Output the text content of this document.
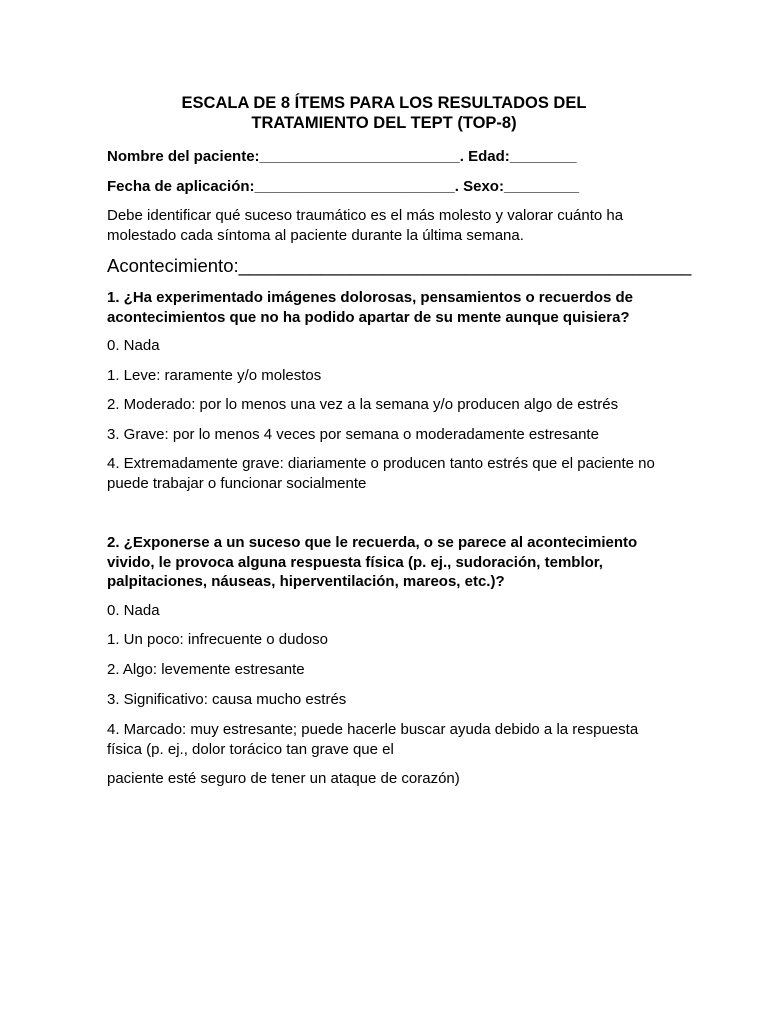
ESCALA DE 8 ÍTEMS PARA LOS RESULTADOS DEL
TRATAMIENTO DEL TEPT (TOP-8)

Nombre del paciente:________________________. Edad:________

Fecha de aplicación:________________________. Sexo:_________

Debe identificar qué suceso traumático es el más molesto y valorar cuánto ha molestado cada síntoma al paciente durante la última semana.

Acontecimiento:____________________________________________

1. ¿Ha experimentado imágenes dolorosas, pensamientos o recuerdos de acontecimientos que no ha podido apartar de su mente aunque quisiera?

0. Nada

1. Leve: raramente y/o molestos

2. Moderado: por lo menos una vez a la semana y/o producen algo de estrés

3. Grave: por lo menos 4 veces por semana o moderadamente estresante

4. Extremadamente grave: diariamente o producen tanto estrés que el paciente no puede trabajar o funcionar socialmente

2. ¿Exponerse a un suceso que le recuerda, o se parece al acontecimiento vivido, le provoca alguna respuesta física (p. ej., sudoración, temblor, palpitaciones, náuseas, hiperventilación, mareos, etc.)?

0. Nada

1. Un poco: infrecuente o dudoso

2. Algo: levemente estresante

3. Significativo: causa mucho estrés

4. Marcado: muy estresante; puede hacerle buscar ayuda debido a la respuesta física (p. ej., dolor torácico tan grave que el

paciente esté seguro de tener un ataque de corazón)
